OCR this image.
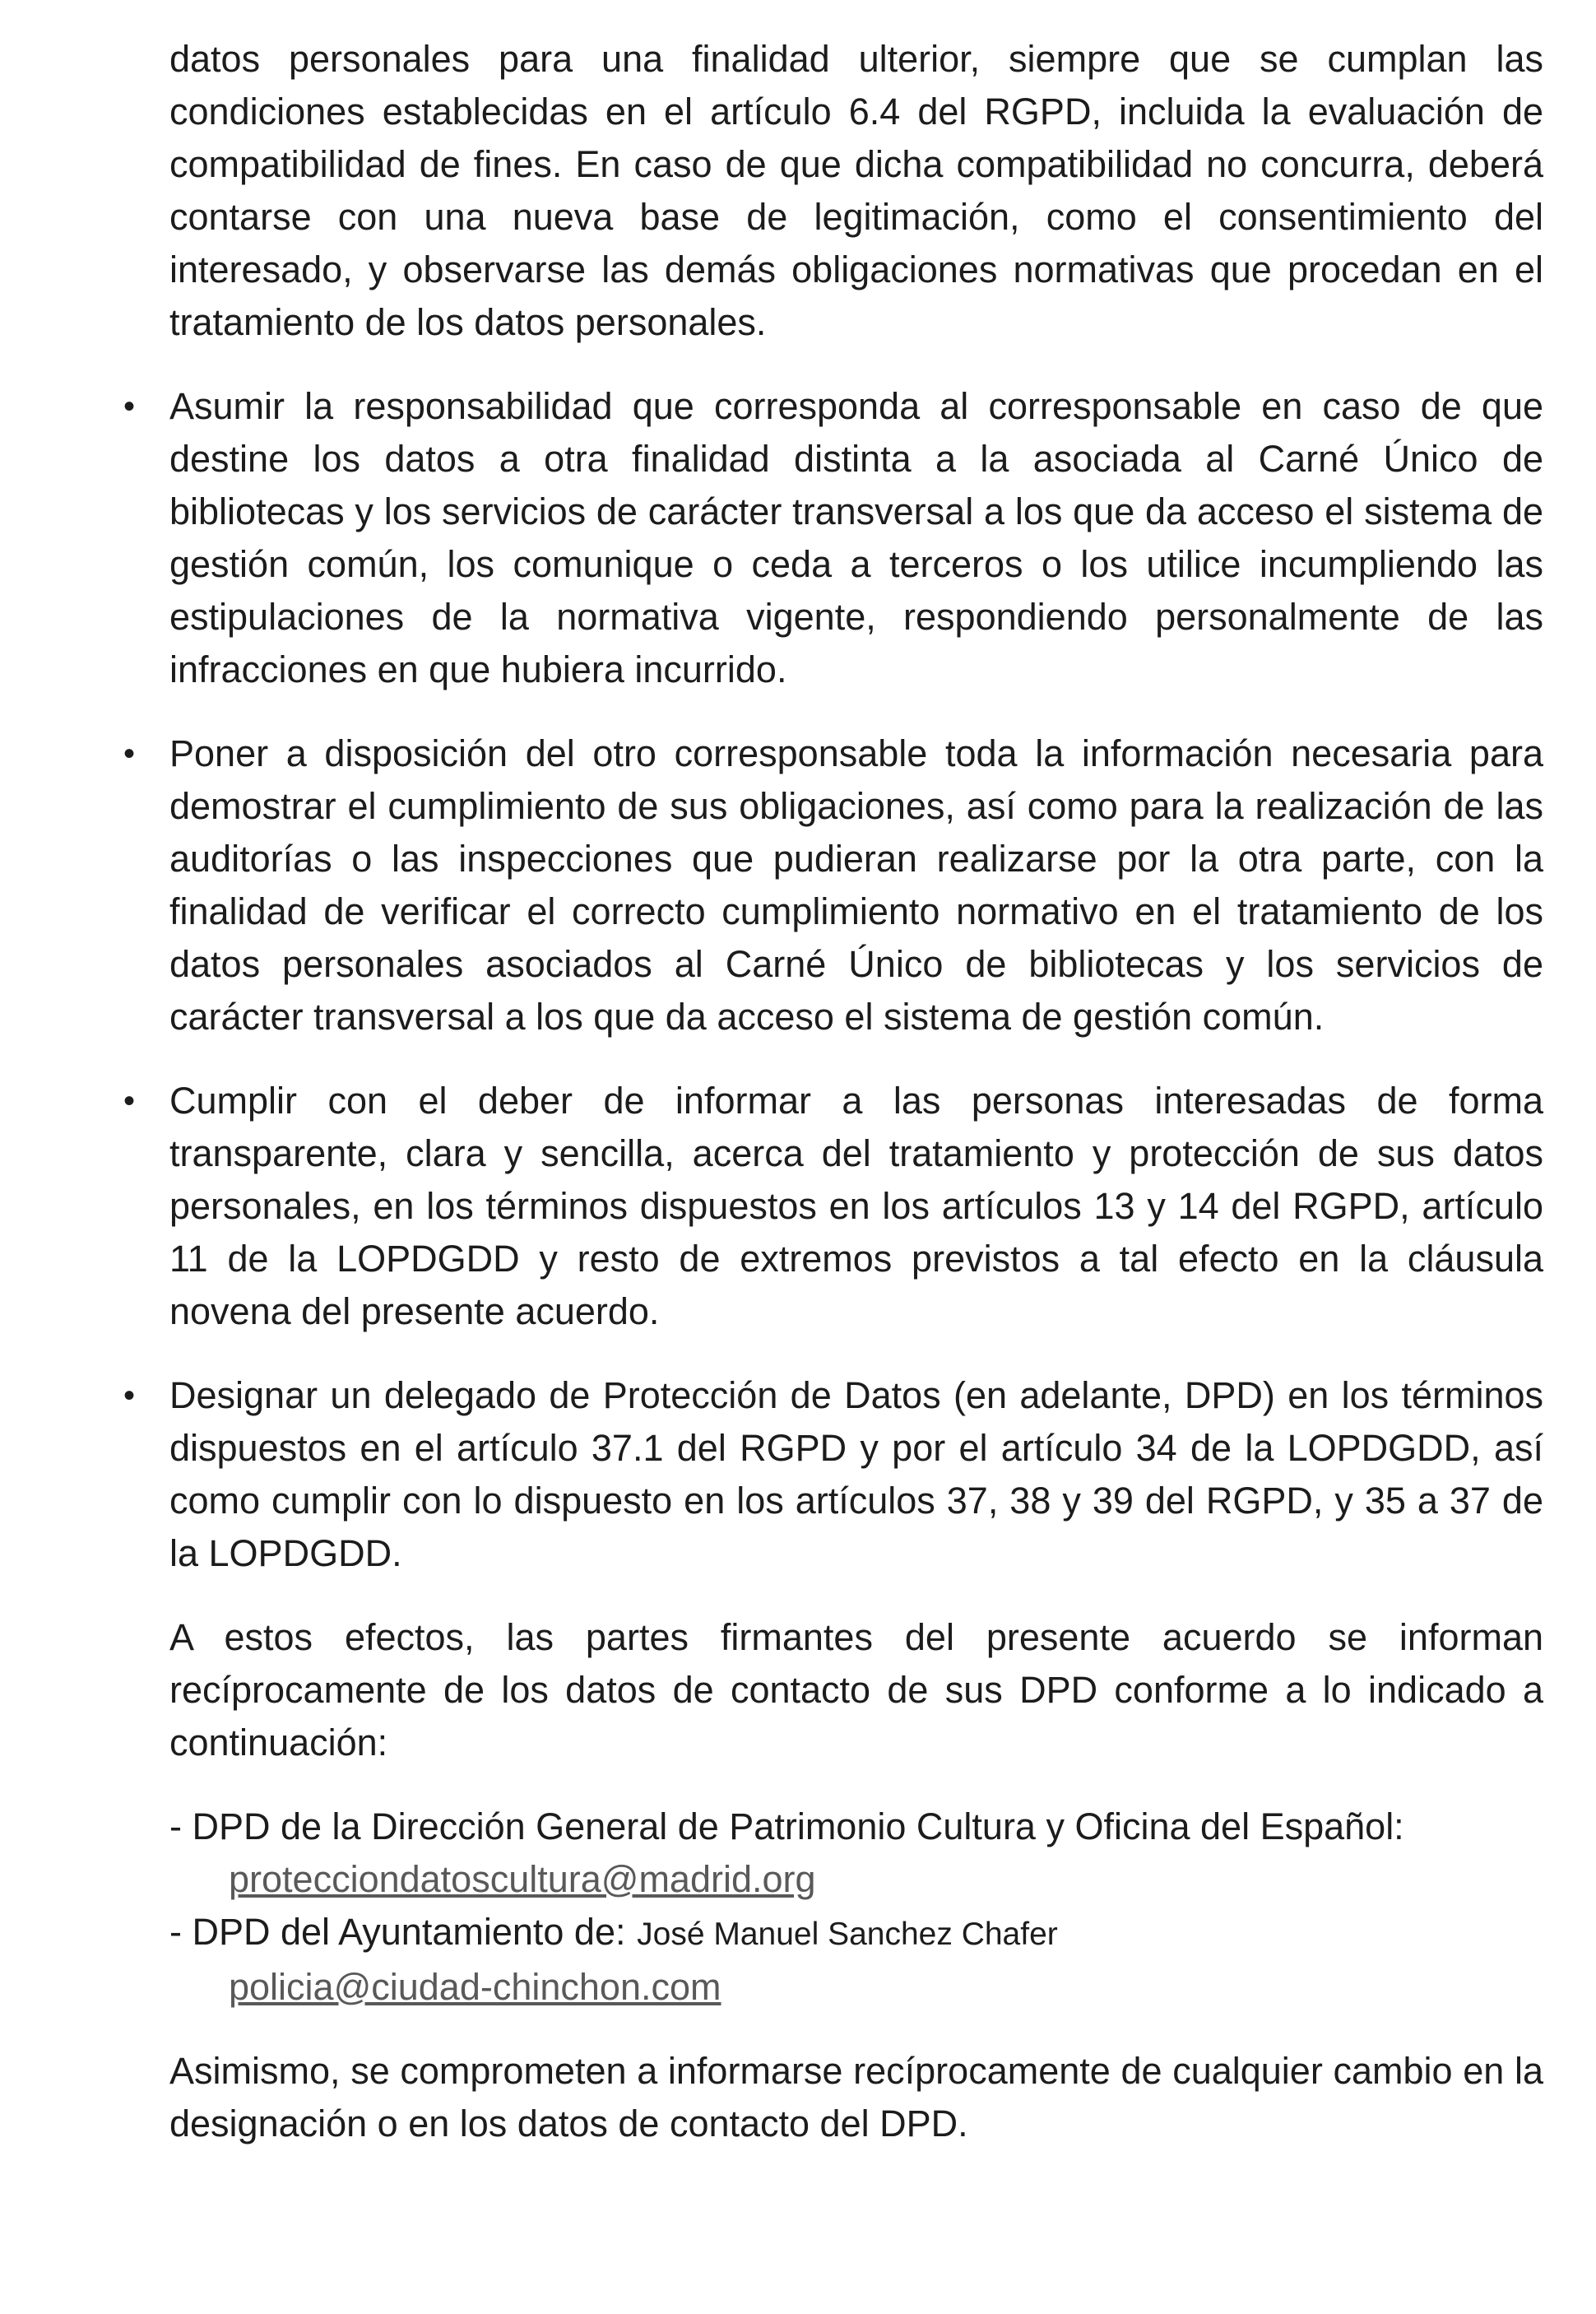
datos personales para una finalidad ulterior, siempre que se cumplan las condiciones establecidas en el artículo 6.4 del RGPD, incluida la evaluación de compatibilidad de fines. En caso de que dicha compatibilidad no concurra, deberá contarse con una nueva base de legitimación, como el consentimiento del interesado, y observarse las demás obligaciones normativas que procedan en el tratamiento de los datos personales.
• Asumir la responsabilidad que corresponda al corresponsable en caso de que destine los datos a otra finalidad distinta a la asociada al Carné Único de bibliotecas y los servicios de carácter transversal a los que da acceso el sistema de gestión común, los comunique o ceda a terceros o los utilice incumpliendo las estipulaciones de la normativa vigente, respondiendo personalmente de las infracciones en que hubiera incurrido.
• Poner a disposición del otro corresponsable toda la información necesaria para demostrar el cumplimiento de sus obligaciones, así como para la realización de las auditorías o las inspecciones que pudieran realizarse por la otra parte, con la finalidad de verificar el correcto cumplimiento normativo en el tratamiento de los datos personales asociados al Carné Único de bibliotecas y los servicios de carácter transversal a los que da acceso el sistema de gestión común.
• Cumplir con el deber de informar a las personas interesadas de forma transparente, clara y sencilla, acerca del tratamiento y protección de sus datos personales, en los términos dispuestos en los artículos 13 y 14 del RGPD, artículo 11 de la LOPDGDD y resto de extremos previstos a tal efecto en la cláusula novena del presente acuerdo.
• Designar un delegado de Protección de Datos (en adelante, DPD) en los términos dispuestos en el artículo 37.1 del RGPD y por el artículo 34 de la LOPDGDD, así como cumplir con lo dispuesto en los artículos 37, 38 y 39 del RGPD, y 35 a 37 de la LOPDGDD.
A estos efectos, las partes firmantes del presente acuerdo se informan recíprocamente de los datos de contacto de sus DPD conforme a lo indicado a continuación:
- DPD de la Dirección General de Patrimonio Cultura y Oficina del Español:
protecciondatoscultura@madrid.org
- DPD del Ayuntamiento de: José Manuel Sanchez Chafer
policia@ciudad-chinchon.com
Asimismo, se comprometen a informarse recíprocamente de cualquier cambio en la designación o en los datos de contacto del DPD.
